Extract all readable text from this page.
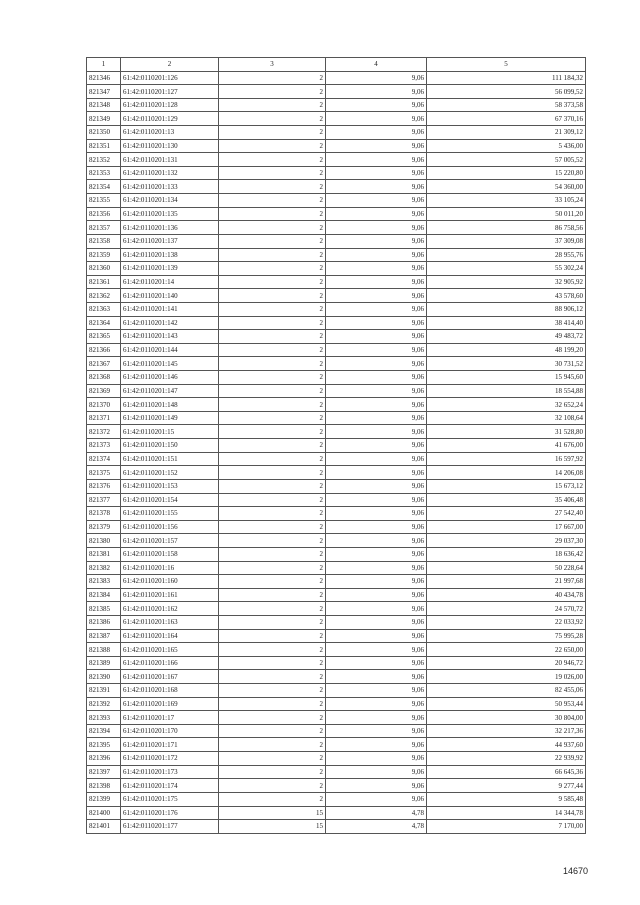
1	2	3	4	5
821346	61:42:0110201:126	2	9,06	111 184,32
821347	61:42:0110201:127	2	9,06	56 099,52
821348	61:42:0110201:128	2	9,06	58 373,58
821349	61:42:0110201:129	2	9,06	67 370,16
821350	61:42:0110201:13	2	9,06	21 309,12
821351	61:42:0110201:130	2	9,06	5 436,00
821352	61:42:0110201:131	2	9,06	57 005,52
821353	61:42:0110201:132	2	9,06	15 220,80
821354	61:42:0110201:133	2	9,06	54 360,00
821355	61:42:0110201:134	2	9,06	33 105,24
821356	61:42:0110201:135	2	9,06	50 011,20
821357	61:42:0110201:136	2	9,06	86 758,56
821358	61:42:0110201:137	2	9,06	37 309,08
821359	61:42:0110201:138	2	9,06	28 955,76
821360	61:42:0110201:139	2	9,06	55 302,24
821361	61:42:0110201:14	2	9,06	32 905,92
821362	61:42:0110201:140	2	9,06	43 578,60
821363	61:42:0110201:141	2	9,06	88 906,12
821364	61:42:0110201:142	2	9,06	38 414,40
821365	61:42:0110201:143	2	9,06	49 483,72
821366	61:42:0110201:144	2	9,06	48 199,20
821367	61:42:0110201:145	2	9,06	30 731,52
821368	61:42:0110201:146	2	9,06	15 945,60
821369	61:42:0110201:147	2	9,06	18 554,88
821370	61:42:0110201:148	2	9,06	32 652,24
821371	61:42:0110201:149	2	9,06	32 108,64
821372	61:42:0110201:15	2	9,06	31 528,80
821373	61:42:0110201:150	2	9,06	41 676,00
821374	61:42:0110201:151	2	9,06	16 597,92
821375	61:42:0110201:152	2	9,06	14 206,08
821376	61:42:0110201:153	2	9,06	15 673,12
821377	61:42:0110201:154	2	9,06	35 406,48
821378	61:42:0110201:155	2	9,06	27 542,40
821379	61:42:0110201:156	2	9,06	17 667,00
821380	61:42:0110201:157	2	9,06	29 037,30
821381	61:42:0110201:158	2	9,06	18 636,42
821382	61:42:0110201:16	2	9,06	50 228,64
821383	61:42:0110201:160	2	9,06	21 997,68
821384	61:42:0110201:161	2	9,06	40 434,78
821385	61:42:0110201:162	2	9,06	24 570,72
821386	61:42:0110201:163	2	9,06	22 033,92
821387	61:42:0110201:164	2	9,06	75 995,28
821388	61:42:0110201:165	2	9,06	22 650,00
821389	61:42:0110201:166	2	9,06	20 946,72
821390	61:42:0110201:167	2	9,06	19 026,00
821391	61:42:0110201:168	2	9,06	82 455,06
821392	61:42:0110201:169	2	9,06	50 953,44
821393	61:42:0110201:17	2	9,06	30 804,00
821394	61:42:0110201:170	2	9,06	32 217,36
821395	61:42:0110201:171	2	9,06	44 937,60
821396	61:42:0110201:172	2	9,06	22 939,92
821397	61:42:0110201:173	2	9,06	66 645,36
821398	61:42:0110201:174	2	9,06	9 277,44
821399	61:42:0110201:175	2	9,06	9 585,48
821400	61:42:0110201:176	15	4,78	14 344,78
821401	61:42:0110201:177	15	4,78	7 170,00
14670
